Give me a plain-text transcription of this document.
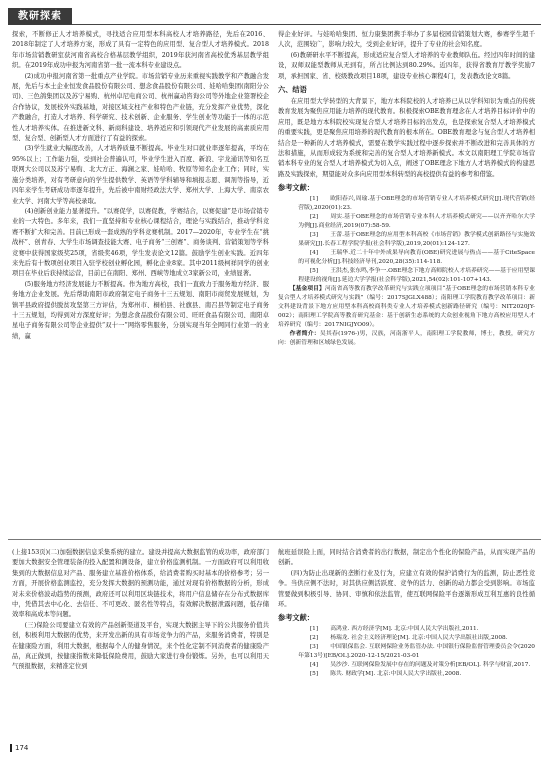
教研探索

探索，不断修正人才培养模式，寻找适合应用型本科高校人才培养路径，先后在2016、2018年制定了人才培养方案，形成了具有一定特色的应用型、复合型人才培养模式。2018年市场营销教研室获河南省高校合格基层教学组织，2019年获河南省高校优秀基层教学组织。在2019年成功申报为河南省第一批一流本科专业建设点。

(2)成功申报河南省第一批重点产业学院。市场营销专业历来重视实践教学和产教融合发展，先后与本土企业恒发食品股份有限公司、想念食品股份有限公司、娃哈哈集团(南阳分公司)、三色鸽集团以及苏宁易购、杭州卓尼电商公司、杭州赢动咨询公司等外地企业签署校企合作协议，发展校外实践基地，对接区域支柱产业和特色产业链，充分发挥产业优势，深化产教融合，打造人才培养、科学研究、技术创新、企业服务、学生创业等功能于一体的示范性人才培养实体。在推进新文科、新商科建设、培养适应和引领现代产业发展的高素质应用型、复合型、创新型人才方面进行了有益的探索。

(3)学生就业大幅度改善，人才培养质量不断提高。毕业生对口就业率逐年提高，平均在95%以上；工作能力强，受到社会普遍认可，毕业学生进入百度、新浪、宇龙通讯等知名互联网大公司以及苏宁易购、北大方正、海澜之家、娃哈哈、牧原等知名企业工作；同时，实施分类培养，对有考研意向的学生提供数学、英语等学科辅导和填报志愿、调剂等指导，近四年来学生考研成功率逐年提升，先后被中南财经政法大学、郑州大学、上海大学、南京农业大学、河南大学等高校录取。

(4)创新创业能力显著提升。“以赛促学，以赛促教，学赛结合，以赛促建”是市场营销专业的一大特色。多年来，我们一直坚持和专业核心课程结合，理论与实践结合，推动学科竞赛不断扩大和完善。目前已形成一套成熟的学科竞赛机制。2017—2020年，专业学生在“挑战杯”、创青春、大学生市场调查技能大赛、电子商务“三创赛”、商务谈判、营销策划等学科竞赛中获得国家级奖25项，省级奖46项，学生发表论文12篇。鼓励学生创业实践。近四年来先后有十数项创业项目入驻学校创业孵化园，孵化企业8家。其中2011级柯祥同学的创业项目在毕业后获持续运营，目前已在南阳、郑州、西峡等地成立3家新公司，业绩显著。

(5)服务地方经济发展能力不断提高。作为地方高校，我们一直致力于服务地方经济、服务地方企业发展。先后帮助南阳市政府制定电子商务十三五规划、南阳市商贸发展规划，为镇平县政府提供脱贫攻坚第三方评估，为郑州市、桐柏县、社旗县、南召县等制定电子商务十三五规划，均得到对方深度好评；为想念食品股份有限公司、旺旺食品有限公司、南阳卓星电子商务有限公司等企业提供“双十一”网络零售服务，分别实现当年全网同行业第一的业绩，赢

得企业好评。与娃哈哈集团、恒力康集团携手举办了多届校园营销策划大赛，参赛学生超千人次，范围较广，影响力较大，受到企业好评，提升了专业的社会知名度。

(6)教研研水平不断提高，形成适应复合型人才培养的专业教师队伍。经过四年时间的建设，双师双能型教师从无到有，所占比例达到80.29%。近四年，获得省教育厅教学奖励7项，承担国家、省、校级教改项目18项，建设专业核心课程4门，发表教改论文8篇。

六、结语

在应用型大学转型的大背景下，地方本科院校的人才培养已从以学科知识为重点的传统教育发展为聚焦应用能力培养的现代教育。积极探索OBE教育理念在人才培养目标评价中的应用，既是地方本科院校实现复合型人才培养目标的出发点，也是探索复合型人才培养模式的重要实践，更是聚焦应用培养的现代教育的根本所在。OBE教育理念与复合型人才培养相结合是一种新的人才培养模式，需要在教学实践过程中逐步探索并不断改进和完善具体的方法和措施，从而形成较为系统和完善的复合型人才培养新模式。本文以南阳理工学院市场营销本科专业的复合型人才培养模式为切入点，阐述了OBE理念下地方人才培养模式的构建思路及实践探索，期望能对众多向应用型本科转型的高校提供有益的参考和借鉴。

参考文献：

[1] 欧阳春兴,周瑜.基于OBE理念的市场营销专业人才培养模式研究[J].现代营销(经营版),2020(01):23.

[2] 周实.基于OBE理念的市场营销专业本科人才培养模式研究——以齐齐哈尔大学为例[J].商业经济,2019(07):58-59.

[3] 王蕾.基于OBE理念的应用型本科高校《市场营销》教学模式创新路径与实施效果研究[J].长春工程学院学报(社会科学版),2019,20(01):124-127.

[4] 王瑞华.近二十年中外成果导向教育(OBE)研究进展与热点——基于CiteSpace的可视化分析[J].科技经济导刊,2020,28(35):114-118.

[5] 王洪杰,张东鸣,李争一.OBE理念下地方高师院校人才培养研究——基于应用型课程建设的视角[J].延边大学学报(社会科学版),2021,54(02):101-107+143.

【基金项目】河南省高等教育教学改革研究与实践立项项目“基于OBE理念的市场营销本科专业复合型人才培养模式研究与实践”（编号：2017SJGLX488）；南阳理工学院教育教学改革项目：新文科建设背景下地方应用型本科高校商科类专业人才培养模式创新路径研究（编号：NIT2020JY-002）；南阳理工学院高等教育研究基金：基于创新生态系统的大众创业视角下地方高校应用型人才培养研究（编号：2017NIGJYO09）。

作者简介：吴其春(1976-)男，汉族，河南浙平人，南阳理工学院教师，博士，教授，研究方向：创新管理和区域绿色发展。

(上接153页)(二)加强数据信息采集系统的建立。建设并提高大数据监管的成功率，政府部门要加大数据安全管理装备的投入配置和测设备，建立价格监测机制。一方面政府可以利用收集到的大数据信息对产品、服务建立基准价格体系，给消费者购买时基本的价格参考；另一方面，开展价格监测监控，充分发挥大数据的预测功能，通过对现有价格数据的分析，形成对未来价格波动趋势的预测，政府还可以利用区块链技术，将用户信息储存在分布式数据库中，凭借其去中心化、去信任、不可更改、匿名性等特点，有效解决数据泄露问题，低存储效率和高成本等问题。

(三)保险公司要建立有效的产品创新渠道及平台，实现大数据主导下的公共服务价值共创，积极利用大数据的优势，来开发出新的具有市场竞争力的产品，来服务消费者，特别是在健康险方面，利用大数据，根据每个人的健身情况，来个性化定制不同消费者的健康险产品，真正做到，按健康指数来降低保险费用，鼓励大家进行身份锻炼。另外，也可以利用天气预报数据，来精准定位到

航班延误险上面，同时结合消费者的出行数据，制定出个性化的保险产品，从而实现产品的创新。

(四)为防止出现新的垄断行业及行为，应建立有效的保护消费行为的监测，防止恶性竞争。当供应侧不法时，对其供应侧活跃度、竞争的活力、创新的动力都会受到影响。市场监管要做到积极引导、协同、审慎和依法监管，使互联网保险平台逐渐形成互利互惠的良性循环。

参考文献：

[1] 高鸿业. 西方经济学[M]. 北京:中国人民大学出版社,2011.

[2] 杨瑞龙. 社会主义经济理论[M]. 北京:中国人民大学出版社出版,2008.

[3] 中国银保监会. 互联网保险业务监管办法. 中国银行保险监督管理委员会令(2020年第13号)[EB/OL].2020-12-15/2021-03-01

[4] 吴沙沙. 互联网保险发展中存在的问题及对策分析[EB/OL]. 科学与财富,2017.

[5] 陈共. 财政学[M]. 北京:中国人民大学出版社,2008.

174
